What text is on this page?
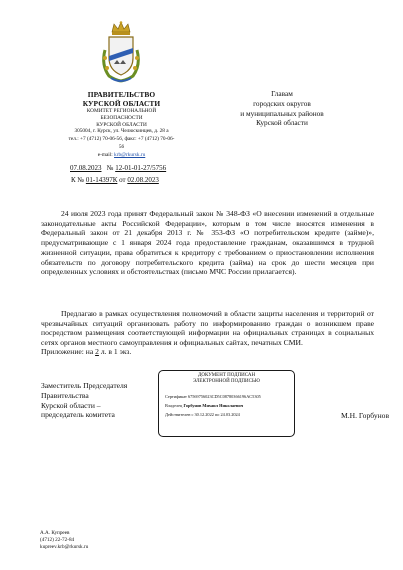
ПРАВИТЕЛЬСТВО
КУРСКОЙ ОБЛАСТИ
КОМИТЕТ РЕГИОНАЛЬНОЙ БЕЗОПАСНОСТИ
КУРСКОЙ ОБЛАСТИ
305004, г. Курск, ул. Челюскинцев, д. 28 а
тел.: +7 (4712) 70-06-56, факс: +7 (4712) 70-06-56
e-mail: krb@rkursk.ru
07.08.2023 № 12-01-01-27/5756
К № 01-14397К от 02.08.2023
Главам
городских округов
и муниципальных районов
Курской области
24 июля 2023 года принят Федеральный закон № 348-ФЗ «О внесении изменений в отдельные законодательные акты Российской Федерации», которым в том числе вносятся изменения в Федеральный закон от 21 декабря 2013 г. № 353-ФЗ «О потребительском кредите (займе)», предусматривающие с 1 января 2024 года предоставление гражданам, оказавшимся в трудной жизненной ситуации, права обратиться к кредитору с требованием о приостановлении исполнения обязательств по договору потребительского кредита (займа) на срок до шести месяцев при определенных условиях и обстоятельствах (письмо МЧС России прилагается).
Предлагаю в рамках осуществления полномочий в области защиты населения и территорий от чрезвычайных ситуаций организовать работу по информированию граждан о возникшем праве посредством размещения соответствующей информации на официальных страницах в социальных сетях органов местного самоуправления и официальных сайтах, печатных СМИ.
Приложение: на 2 л. в 1 экз.
Заместитель Председателя
Правительства
Курской области –
председатель комитета
ДОКУМЕНТ ПОДПИСАН
ЭЛЕКТРОННОЙ ПОДПИСЬЮ
Сертификат 67569756023CD5C08780366196AC5305
Владелец Горбунов Михаил Николаевич
Действителен с 30.12.2022 по 24.03.2024	М.Н. Горбунов
А.А. Купреев
(4712) 22-72-84
kupreev.krb@rkursk.ru
